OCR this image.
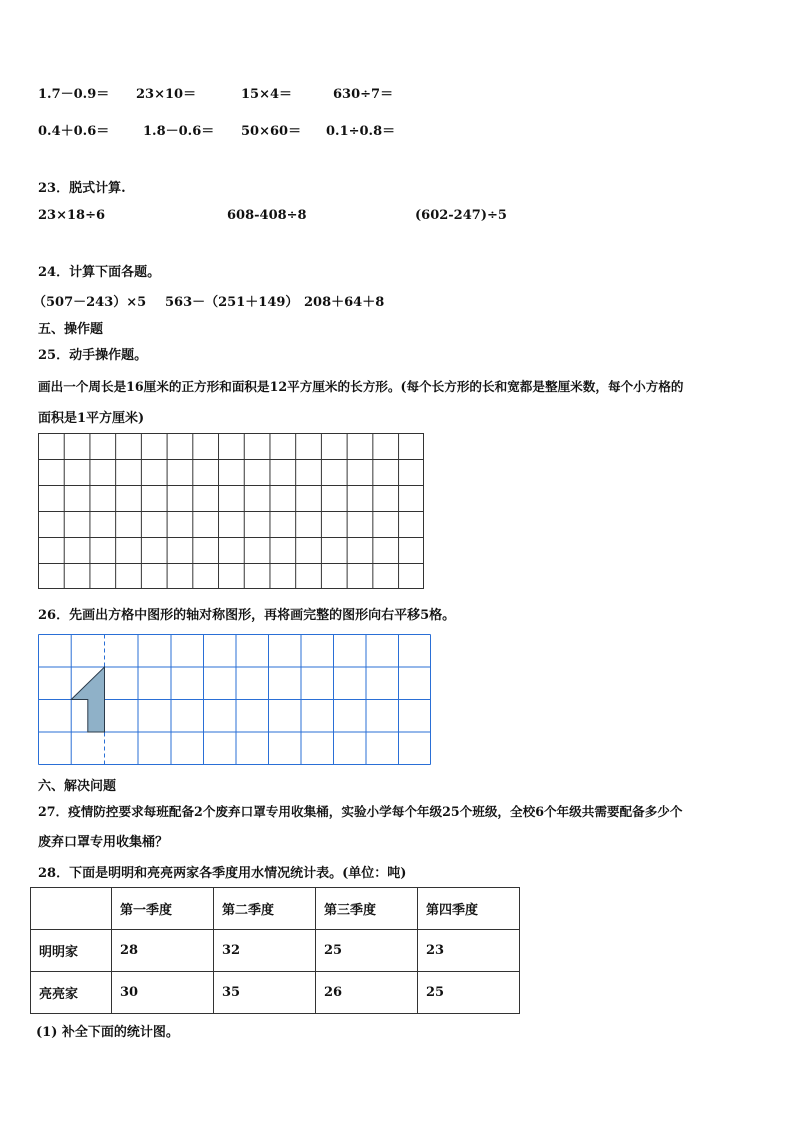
1.7－0.9＝ 23×10＝	15×4＝	630÷7＝
0.4＋0.6＝	1.8－0.6＝ 50×60＝ 0.1÷0.8＝
23．脱式计算.
23×18÷6	608-408÷8	(602-247)÷5
24．计算下面各题。
（507－243）×5 563－（251＋149） 208＋64＋8
五、操作题
25．动手操作题。
画出一个周长是16厘米的正方形和面积是12平方厘米的长方形。(每个长方形的长和宽都是整厘米数，每个小方格的
面积是1平方厘米)
26．先画出方格中图形的轴对称图形，再将画完整的图形向右平移5格。
六、解决问题
27．疫情防控要求每班配备2个废弃口罩专用收集桶，实验小学每个年级25个班级，全校6个年级共需要配备多少个
废弃口罩专用收集桶？
28．下面是明明和亮亮两家各季度用水情况统计表。(单位：吨)
	第一季度	第二季度	第三季度	第四季度
明明家	28	32	25	23
亮亮家	30	35	26	25
(1) 补全下面的统计图。
